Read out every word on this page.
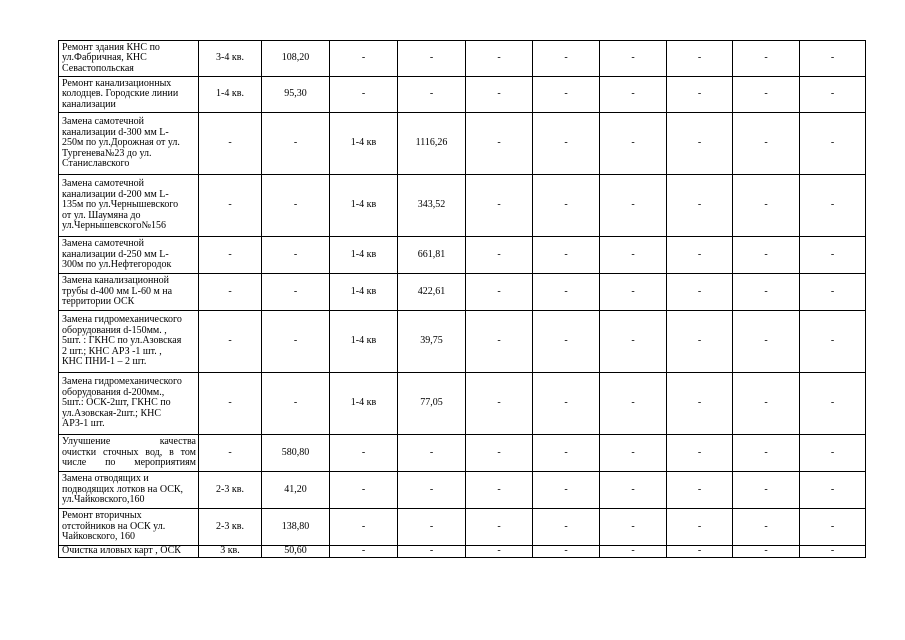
Ремонт здания КНС по
ул.Фабричная, КНС
Севастопольская	3-4 кв.	108,20	-	-	-	-	-	-	-	-

Ремонт канализационных
колодцев. Городские линии
канализации	1-4 кв.	95,30	-	-	-	-	-	-	-	-

Замена самотечной
канализации d-300 мм L-
250м по ул.Дорожная от ул.
Тургенева№23 до ул.
Станиславского	-	-	1-4 кв	1116,26	-	-	-	-	-	-

Замена самотечной
канализации d-200 мм L-
135м по ул.Чернышевского
от ул. Шаумяна до
ул.Чернышевского№156	-	-	1-4 кв	343,52	-	-	-	-	-	-

Замена самотечной
канализации d-250 мм L-
300м по ул.Нефтегородок	-	-	1-4 кв	661,81	-	-	-	-	-	-

Замена канализационной
трубы d-400 мм L-60 м на
территории ОСК	-	-	1-4 кв	422,61	-	-	-	-	-	-

Замена гидромеханического
оборудования d-150мм. ,
5шт. : ГКНС по ул.Азовская
2 шт.; КНС АРЗ -1 шт. ,
КНС ПНИ-1 – 2 шт.	-	-	1-4 кв	39,75	-	-	-	-	-	-

Замена гидромеханического
оборудования d-200мм.,
5шт.: ОСК-2шт, ГКНС по
ул.Азовская-2шт.; КНС
АРЗ-1 шт.	-	-	1-4 кв	77,05	-	-	-	-	-	-

Улучшение качества
очистки сточных вод, в том
числе по мероприятиям	-	580,80	-	-	-	-	-	-	-	-

Замена отводящих и
подводящих лотков на ОСК,
ул.Чайковского,160	2-3 кв.	41,20	-	-	-	-	-	-	-	-

Ремонт вторичных
отстойников на ОСК ул.
Чайковского, 160	2-3 кв.	138,80	-	-	-	-	-	-	-	-

Очистка иловых карт , ОСК	3 кв.	50,60	-	-	-	-	-	-	-	-
